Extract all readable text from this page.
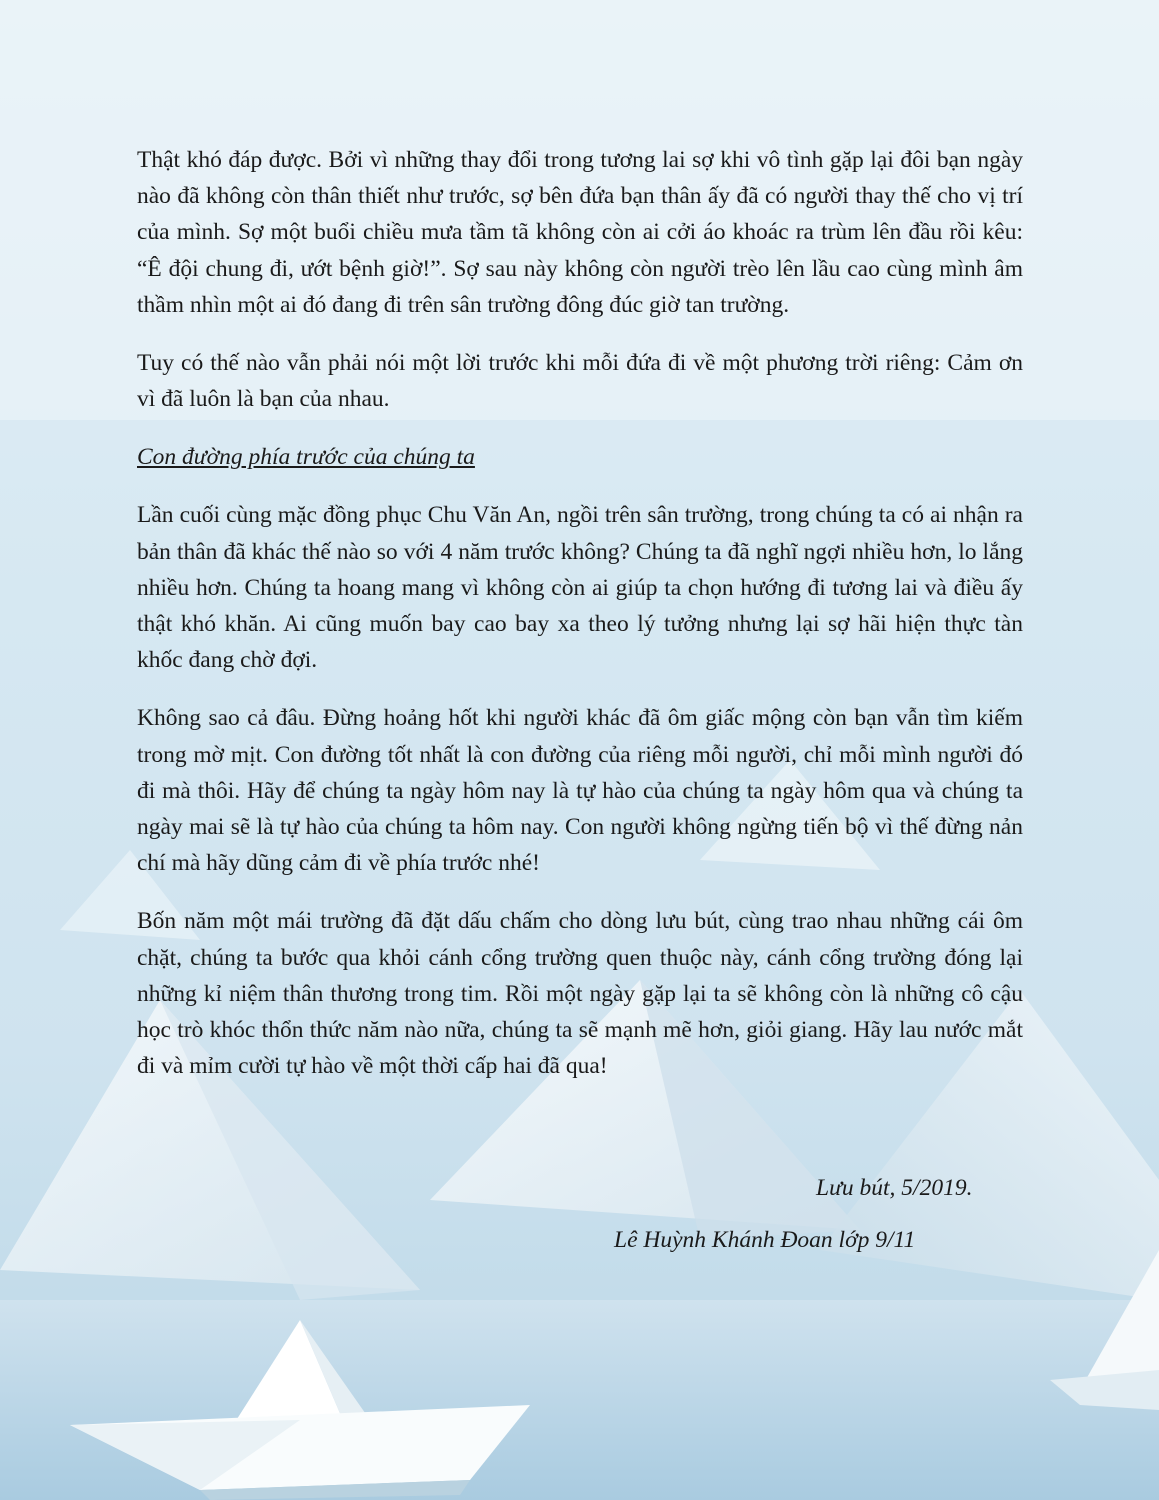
Thật khó đáp được. Bởi vì những thay đổi trong tương lai sợ khi vô tình gặp lại đôi bạn ngày nào đã không còn thân thiết như trước, sợ bên đứa bạn thân ấy đã có người thay thế cho vị trí của mình. Sợ một buổi chiều mưa tầm tã không còn ai cởi áo khoác ra trùm lên đầu rồi kêu: “Ê đội chung đi, ướt bệnh giờ!”. Sợ sau này không còn người trèo lên lầu cao cùng mình âm thầm nhìn một ai đó đang đi trên sân trường đông đúc giờ tan trường.

Tuy có thế nào vẫn phải nói một lời trước khi mỗi đứa đi về một phương trời riêng: Cảm ơn vì đã luôn là bạn của nhau.

Con đường phía trước của chúng ta

Lần cuối cùng mặc đồng phục Chu Văn An, ngồi trên sân trường, trong chúng ta có ai nhận ra bản thân đã khác thế nào so với 4 năm trước không? Chúng ta đã nghĩ ngợi nhiều hơn, lo lắng nhiều hơn. Chúng ta hoang mang vì không còn ai giúp ta chọn hướng đi tương lai và điều ấy thật khó khăn. Ai cũng muốn bay cao bay xa theo lý tưởng nhưng lại sợ hãi hiện thực tàn khốc đang chờ đợi.

Không sao cả đâu. Đừng hoảng hốt khi người khác đã ôm giấc mộng còn bạn vẫn tìm kiếm trong mờ mịt. Con đường tốt nhất là con đường của riêng mỗi người, chỉ mỗi mình người đó đi mà thôi. Hãy để chúng ta ngày hôm nay là tự hào của chúng ta ngày hôm qua và chúng ta ngày mai sẽ là tự hào của chúng ta hôm nay. Con người không ngừng tiến bộ vì thế đừng nản chí mà hãy dũng cảm đi về phía trước nhé!

Bốn năm một mái trường đã đặt dấu chấm cho dòng lưu bút, cùng trao nhau những cái ôm chặt, chúng ta bước qua khỏi cánh cổng trường quen thuộc này, cánh cổng trường đóng lại những kỉ niệm thân thương trong tim. Rồi một ngày gặp lại ta sẽ không còn là những cô cậu học trò khóc thổn thức năm nào nữa, chúng ta sẽ mạnh mẽ hơn, giỏi giang. Hãy lau nước mắt đi và mỉm cười tự hào về một thời cấp hai đã qua!

Lưu bút, 5/2019.
Lê Huỳnh Khánh Đoan lớp 9/11
